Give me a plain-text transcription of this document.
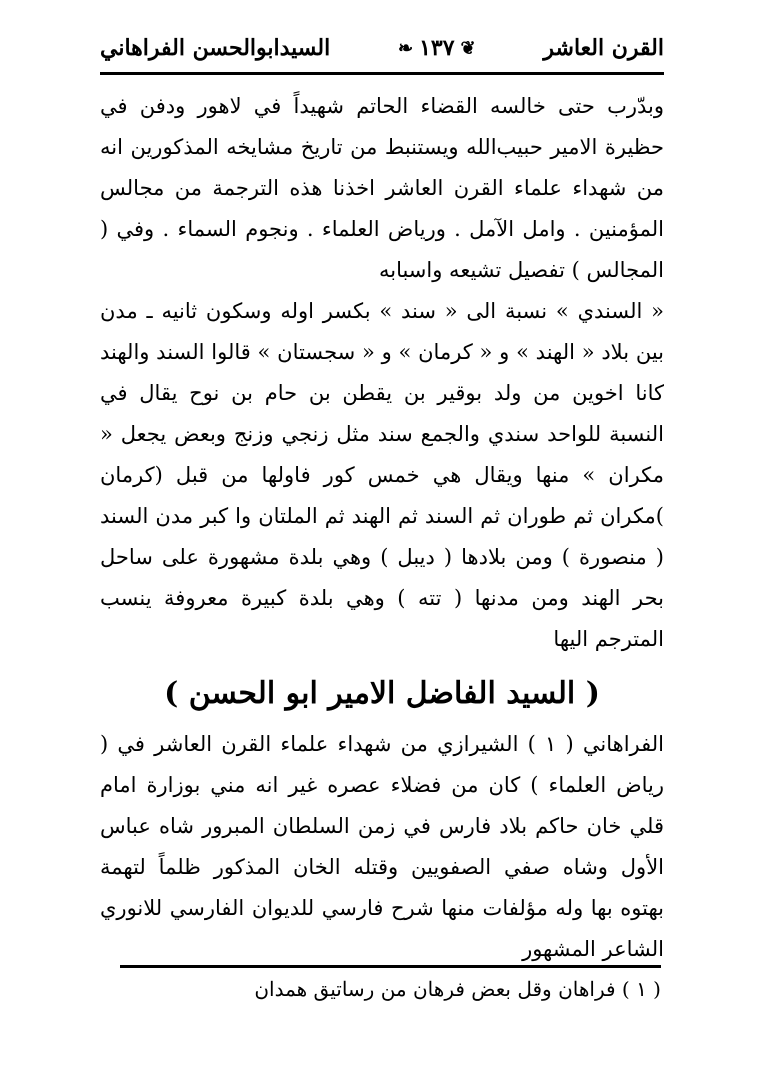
القرن العاشر
❦
١٣٧
❧
السيدابوالحسن الفراهاني

وبدّرب حتى خالسه القضاء الحاتم شهيداً في لاهور ودفن في حظيرة الامير حبيب‌الله ويستنبط من تاريخ مشايخه المذكورين انه من شهداء علماء القرن العاشر اخذنا هذه الترجمة من مجالس المؤمنين . وامل الآمل . ورياض العلماء . ونجوم السماء . وفي ( المجالس ) تفصيل تشيعه واسبابه

« السندي » نسبة الى « سند » بكسر اوله وسكون ثانيه ـ مدن بين بلاد « الهند » و « كرمان » و « سجستان » قالوا السند والهند كانا اخوين من ولد بوقير بن يقطن بن حام بن نوح يقال في النسبة للواحد سندي والجمع سند مثل زنجي وزنج وبعض يجعل « مكران » منها ويقال هي خمس كور فاولها من قبل (كرمان )مكران ثم طوران ثم السند ثم الهند ثم الملتان وا كبر مدن السند ( منصورة ) ومن بلادها ( ديبل ) وهي بلدة مشهورة على ساحل بحر الهند ومن مدنها ( تته ) وهي بلدة كبيرة معروفة ينسب المترجم اليها

( السيد الفاضل الامير ابو الحسن )

الفراهاني ( ١ ) الشيرازي من شهداء علماء القرن العاشر في ( رياض العلماء ) كان من فضلاء عصره غير انه مني بوزارة امام قلي خان حاكم بلاد فارس في زمن السلطان المبرور شاه عباس الأول وشاه صفي الصفويين وقتله الخان المذكور ظلماً لتهمة بهتوه بها وله مؤلفات منها شرح فارسي للديوان الفارسي للانوري الشاعر المشهور

( ١ ) فراهان وقل بعض فرهان من رساتيق همدان
